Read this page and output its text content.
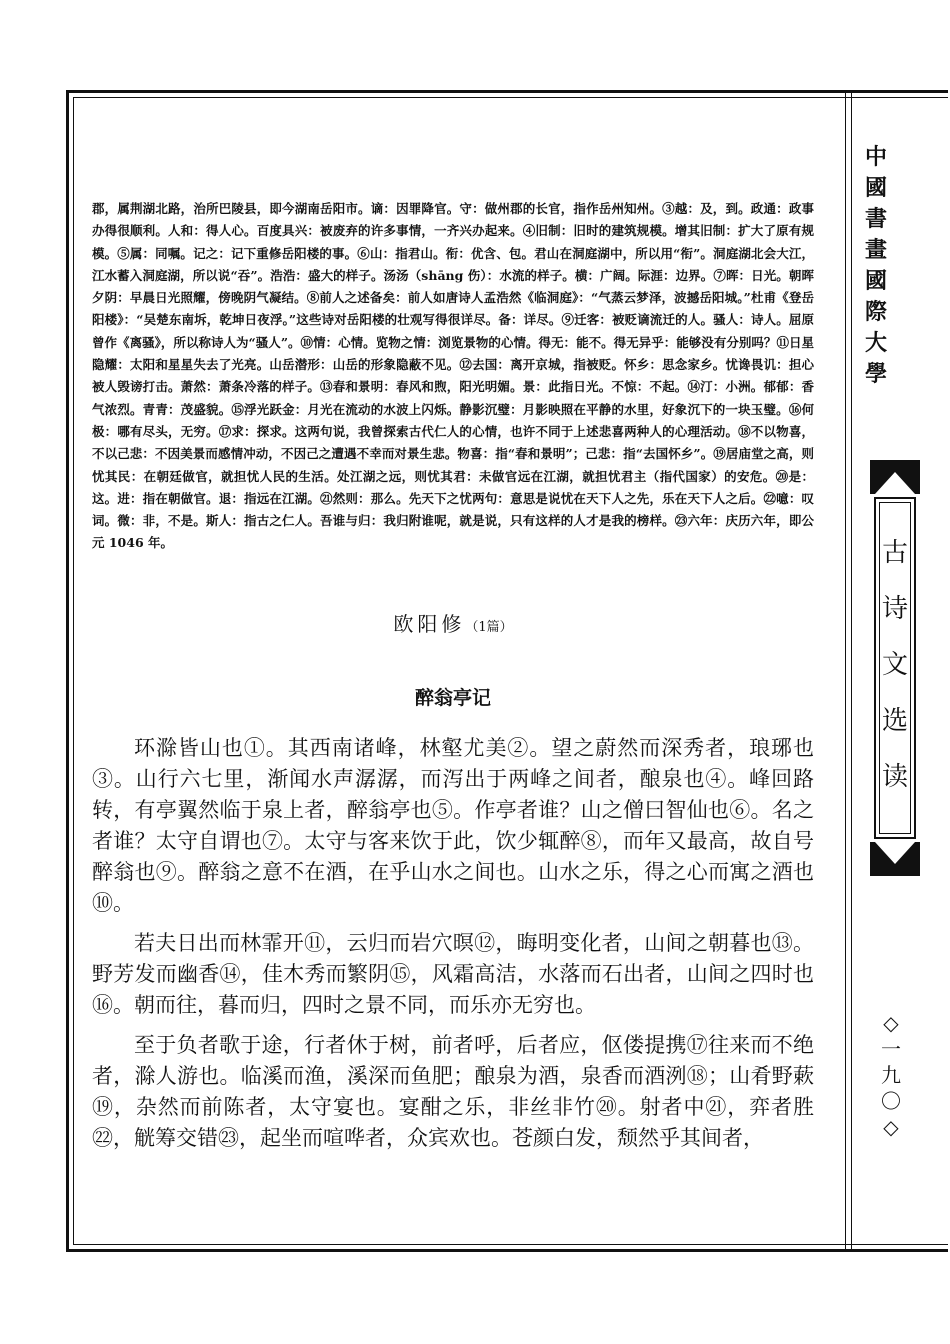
中
國
書
畫
國
際
大
學
古
诗
文
选
读
◇
一
九
〇
◇

郡，属荆湖北路，治所巴陵县，即今湖南岳阳市。谪：因罪降官。守：做州郡的长官，指作岳州知州。③越：及，到。政通：政事办得很顺利。人和：得人心。百度具兴：被废弃的许多事情，一齐兴办起来。④旧制：旧时的建筑规模。增其旧制：扩大了原有规模。⑤属：同嘱。记之：记下重修岳阳楼的事。⑥山：指君山。衔：优含、包。君山在洞庭湖中，所以用“衔”。洞庭湖北会大江，江水蓄入洞庭湖，所以说“吞”。浩浩：盛大的样子。汤汤（shāng 伤）：水流的样子。横：广阔。际涯：边界。⑦晖：日光。朝晖夕阴：早晨日光照耀，傍晚阴气凝结。⑧前人之述备矣：前人如唐诗人孟浩然《临洞庭》：“气蒸云梦泽，波撼岳阳城。”杜甫《登岳阳楼》：“吴楚东南坼，乾坤日夜浮。”这些诗对岳阳楼的壮观写得很详尽。备：详尽。⑨迁客：被贬谪流迁的人。骚人：诗人。屈原曾作《离骚》，所以称诗人为“骚人”。⑩情：心情。览物之情：浏览景物的心情。得无：能不。得无异乎：能够没有分别吗？⑪日星隐耀：太阳和星星失去了光亮。山岳潜形：山岳的形象隐蔽不见。⑫去国：离开京城，指被贬。怀乡：思念家乡。忧谗畏讥：担心被人毁谤打击。萧然：萧条冷落的样子。⑬春和景明：春风和煦，阳光明媚。景：此指日光。不惊：不起。⑭汀：小洲。郁郁：香气浓烈。青青：茂盛貌。⑮浮光跃金：月光在流动的水波上闪烁。静影沉璧：月影映照在平静的水里，好象沉下的一块玉璧。⑯何极：哪有尽头，无穷。⑰求：探求。这两句说，我曾探索古代仁人的心情，也许不同于上述悲喜两种人的心理活动。⑱不以物喜，不以己悲：不因美景而感情冲动，不因己之遭遇不幸而对景生悲。物喜：指“春和景明”；己悲：指“去国怀乡”。⑲居庙堂之高，则忧其民：在朝廷做官，就担忧人民的生活。处江湖之远，则忧其君：未做官远在江湖，就担忧君主（指代国家）的安危。⑳是：这。进：指在朝做官。退：指远在江湖。㉑然则：那么。先天下之忧两句：意思是说忧在天下人之先，乐在天下人之后。㉒噫：叹词。微：非，不是。斯人：指古之仁人。吾谁与归：我归附谁呢，就是说，只有这样的人才是我的榜样。㉓六年：庆历六年，即公元 1046 年。

欧阳修（1篇）

醉翁亭记

环滁皆山也①。其西南诸峰，林壑尤美②。望之蔚然而深秀者，琅琊也③。山行六七里，渐闻水声潺潺，而泻出于两峰之间者，酿泉也④。峰回路转，有亭翼然临于泉上者，醉翁亭也⑤。作亭者谁？山之僧曰智仙也⑥。名之者谁？太守自谓也⑦。太守与客来饮于此，饮少辄醉⑧，而年又最高，故自号醉翁也⑨。醉翁之意不在酒，在乎山水之间也。山水之乐，得之心而寓之酒也⑩。

若夫日出而林霏开⑪，云归而岩穴暝⑫，晦明变化者，山间之朝暮也⑬。野芳发而幽香⑭，佳木秀而繁阴⑮，风霜高洁，水落而石出者，山间之四时也⑯。朝而往，暮而归，四时之景不同，而乐亦无穷也。

至于负者歌于途，行者休于树，前者呼，后者应，伛偻提携⑰往来而不绝者，滁人游也。临溪而渔，溪深而鱼肥；酿泉为酒，泉香而酒洌⑱；山肴野蔌⑲，杂然而前陈者，太守宴也。宴酣之乐，非丝非竹⑳。射者中㉑，弈者胜㉒，觥筹交错㉓，起坐而喧哗者，众宾欢也。苍颜白发，颓然乎其间者，
